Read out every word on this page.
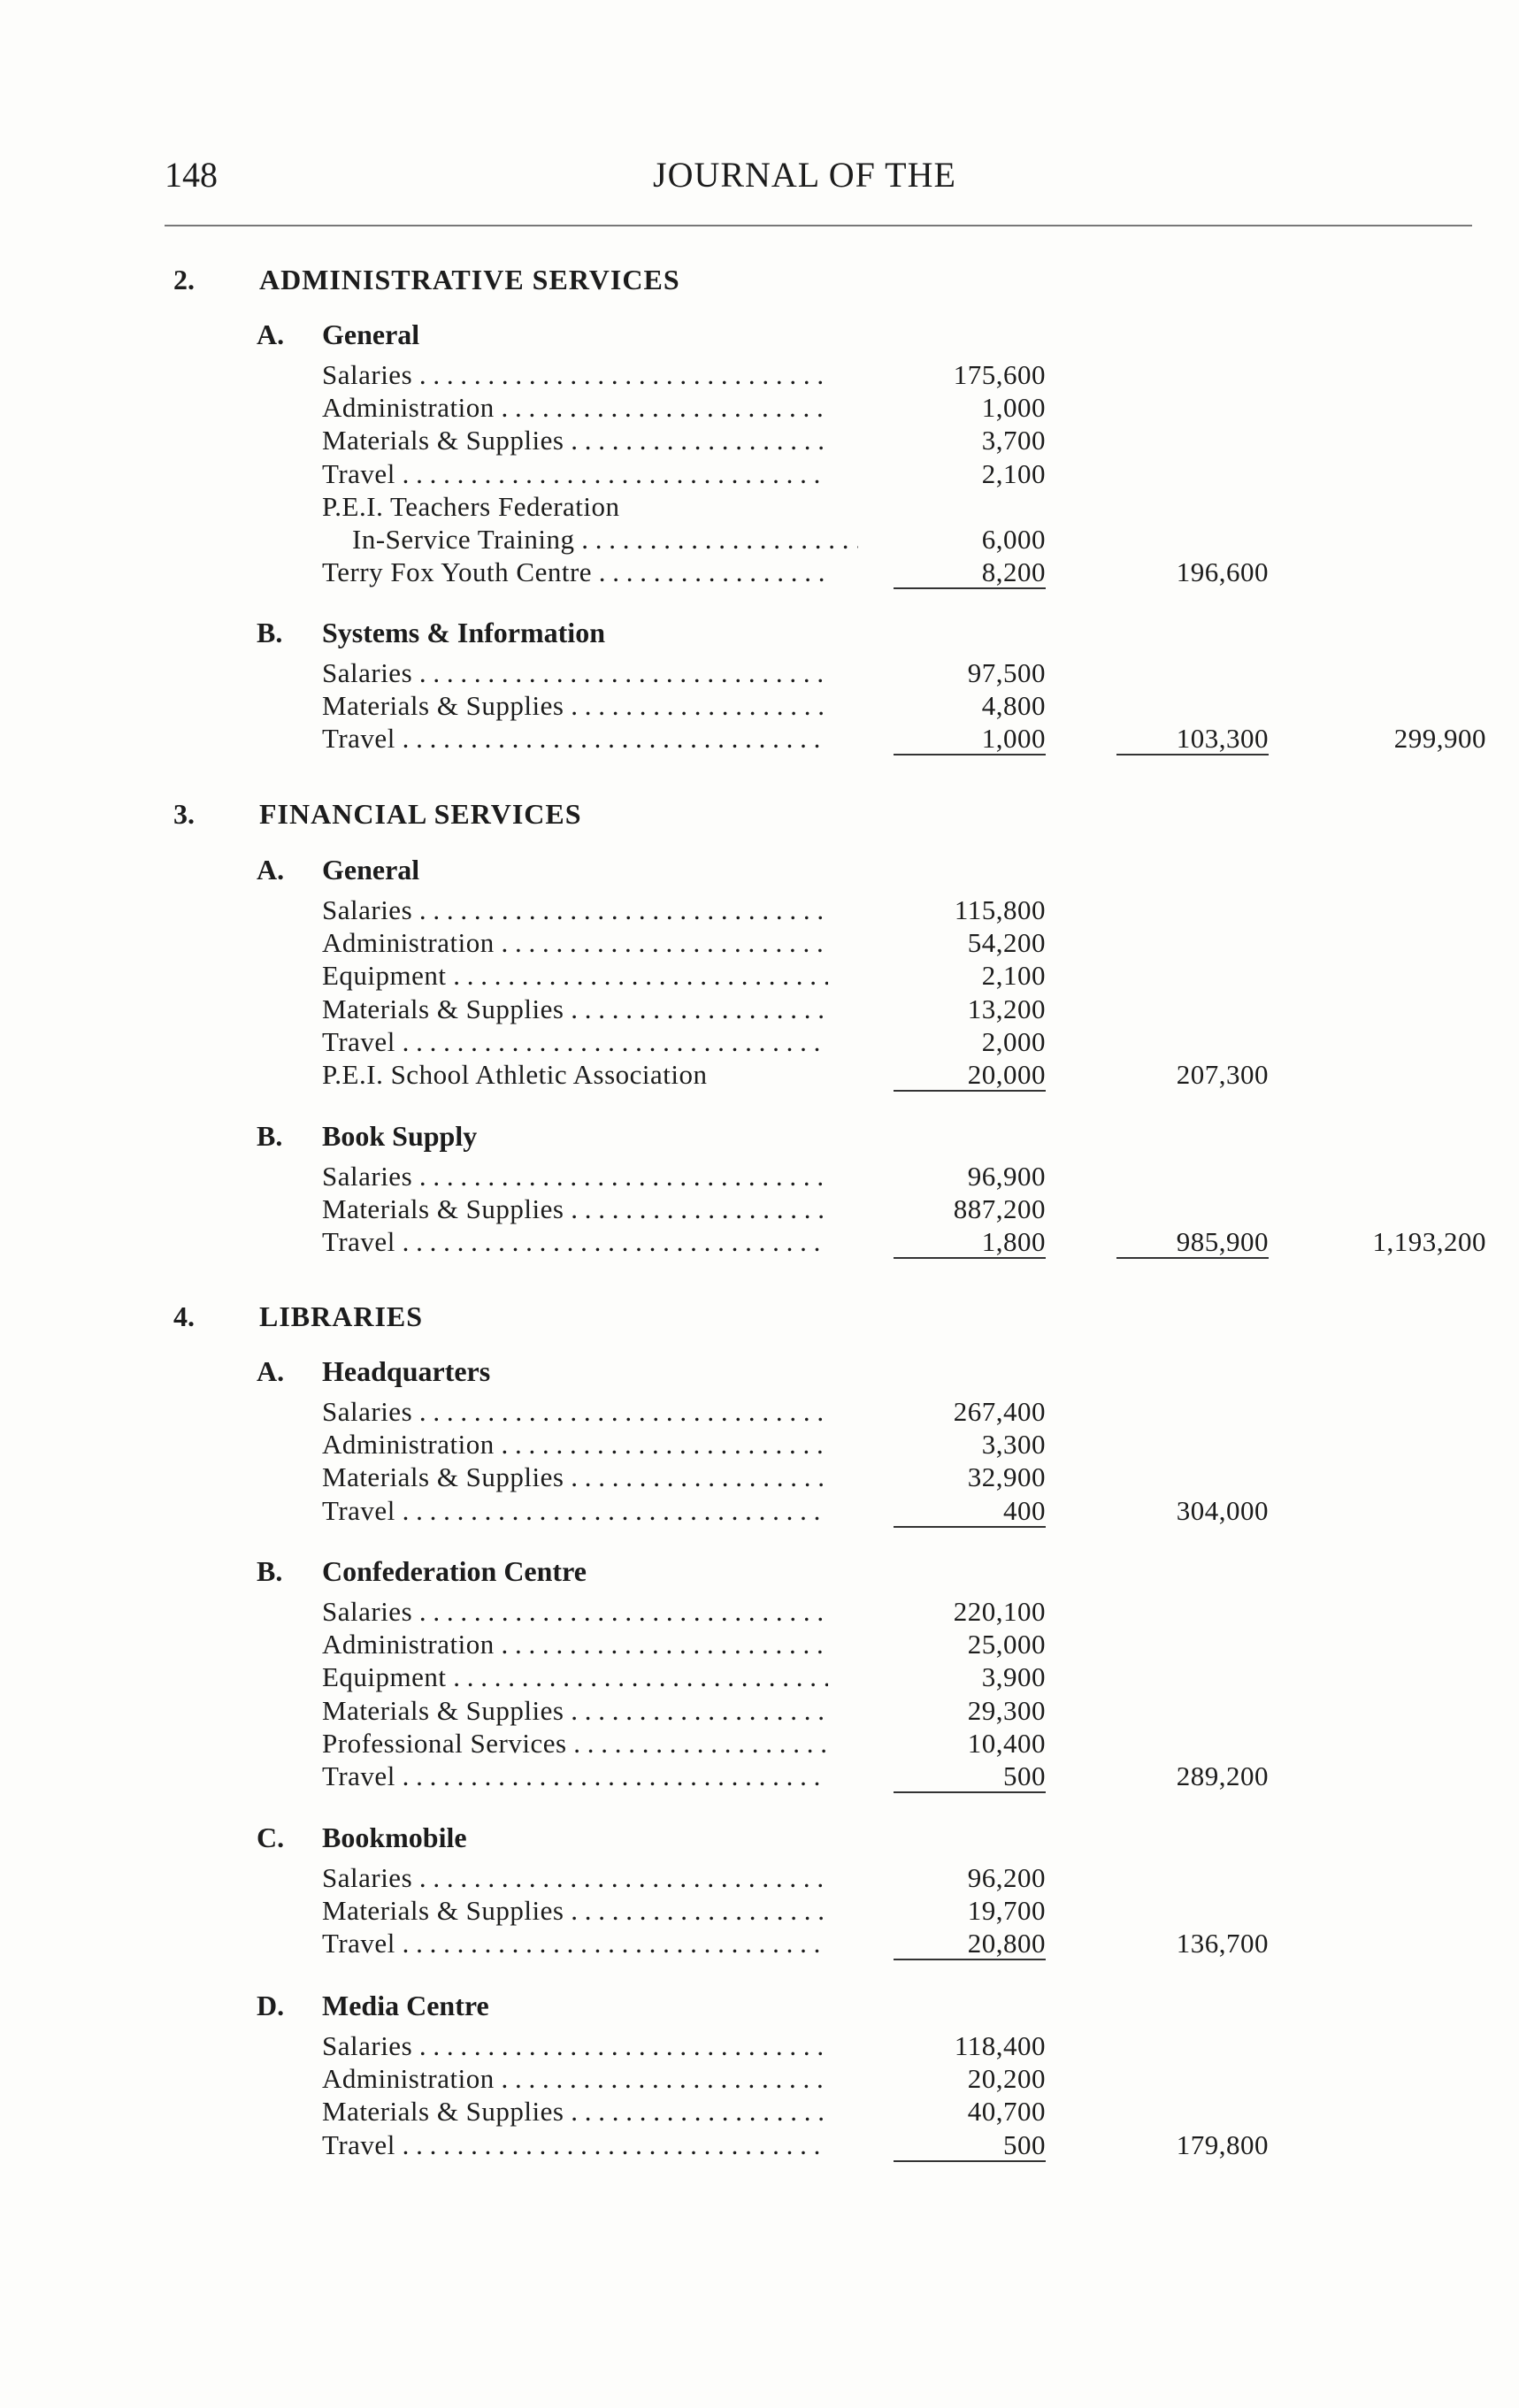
148	JOURNAL OF THE
2. ADMINISTRATIVE SERVICES
A. General
Salaries . . .	175,600
Administration . . .	1,000
Materials & Supplies . . .	3,700
Travel . . .	2,100
P.E.I. Teachers Federation
In-Service Training . . .	6,000
Terry Fox Youth Centre . . .	8,200	196,600
B. Systems & Information
Salaries . . .	97,500
Materials & Supplies . . .	4,800
Travel . . .	1,000	103,300	299,900
3. FINANCIAL SERVICES
A. General
Salaries . . .	115,800
Administration . . .	54,200
Equipment . . .	2,100
Materials & Supplies . . .	13,200
Travel . . .	2,000
P.E.I. School Athletic Association	20,000	207,300
B. Book Supply
Salaries . . .	96,900
Materials & Supplies . . .	887,200
Travel . . .	1,800	985,900	1,193,200
4. LIBRARIES
A. Headquarters
Salaries . . .	267,400
Administration . . .	3,300
Materials & Supplies . . .	32,900
Travel . . .	400	304,000
B. Confederation Centre
Salaries . . .	220,100
Administration . . .	25,000
Equipment . . .	3,900
Materials & Supplies . . .	29,300
Professional Services . . .	10,400
Travel . . .	500	289,200
C. Bookmobile
Salaries . . .	96,200
Materials & Supplies . . .	19,700
Travel . . .	20,800	136,700
D. Media Centre
Salaries . . .	118,400
Administration . . .	20,200
Materials & Supplies . . .	40,700
Travel . . .	500	179,800
